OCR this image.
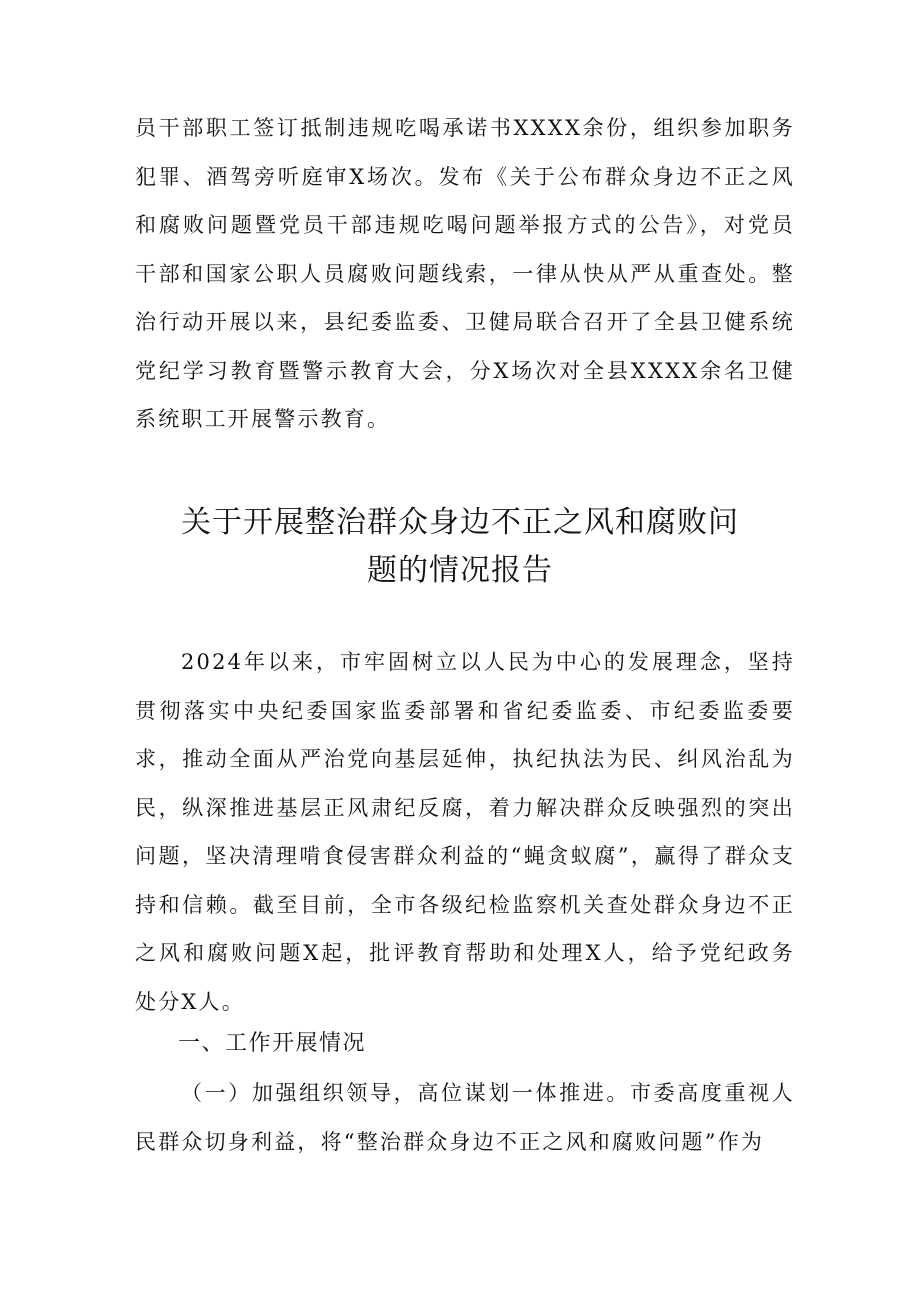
员干部职工签订抵制违规吃喝承诺书XXXX余份，组织参加职务犯罪、酒驾旁听庭审X场次。发布《关于公布群众身边不正之风和腐败问题暨党员干部违规吃喝问题举报方式的公告》，对党员干部和国家公职人员腐败问题线索，一律从快从严从重查处。整治行动开展以来，县纪委监委、卫健局联合召开了全县卫健系统党纪学习教育暨警示教育大会，分X场次对全县XXXX余名卫健系统职工开展警示教育。

关于开展整治群众身边不正之风和腐败问
题的情况报告

2024年以来，市牢固树立以人民为中心的发展理念，坚持贯彻落实中央纪委国家监委部署和省纪委监委、市纪委监委要求，推动全面从严治党向基层延伸，执纪执法为民、纠风治乱为民，纵深推进基层正风肃纪反腐，着力解决群众反映强烈的突出问题，坚决清理啃食侵害群众利益的“蝇贪蚁腐”，赢得了群众支持和信赖。截至目前，全市各级纪检监察机关查处群众身边不正之风和腐败问题X起，批评教育帮助和处理X人，给予党纪政务处分X人。

一、工作开展情况

（一）加强组织领导，高位谋划一体推进。市委高度重视人民群众切身利益，将“整治群众身边不正之风和腐败问题”作为
